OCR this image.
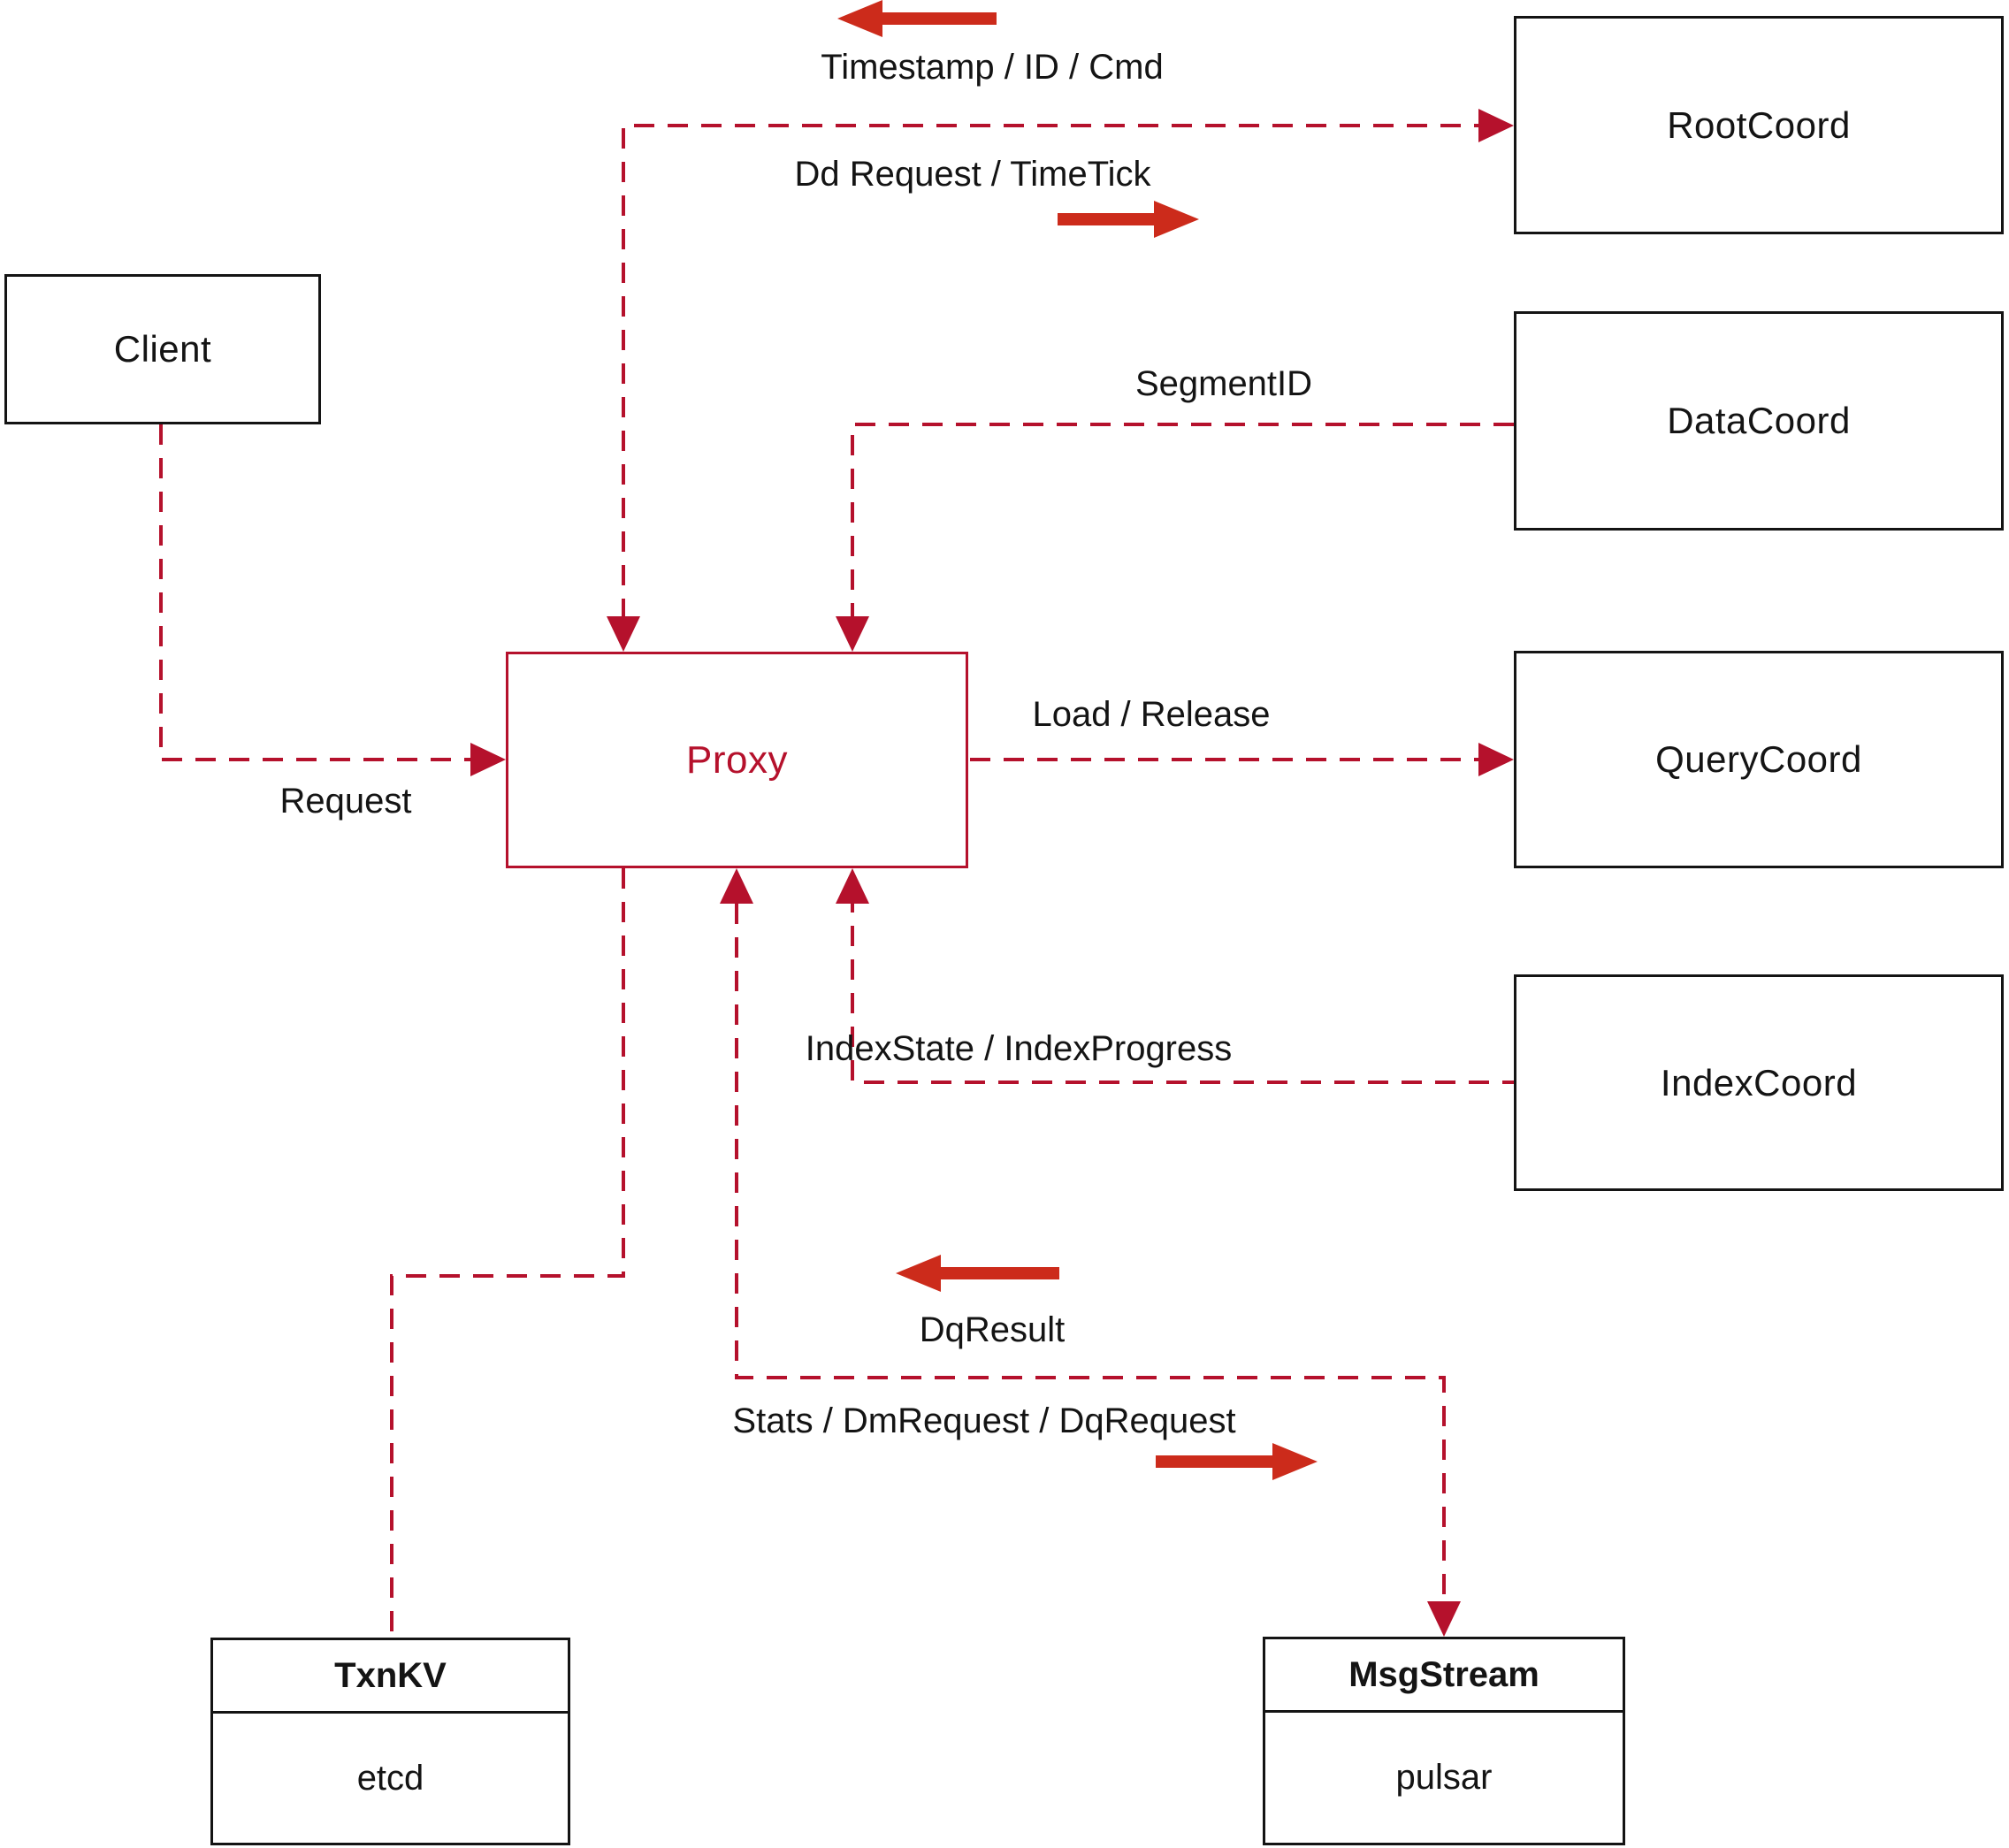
Client
RootCoord
DataCoord
QueryCoord
IndexCoord
Proxy
TxnKV
etcd
MsgStream
pulsar
Request
Timestamp / ID / Cmd
Dd Request / TimeTick
SegmentID
Load / Release
IndexState / IndexProgress
DqResult
Stats / DmRequest / DqRequest
